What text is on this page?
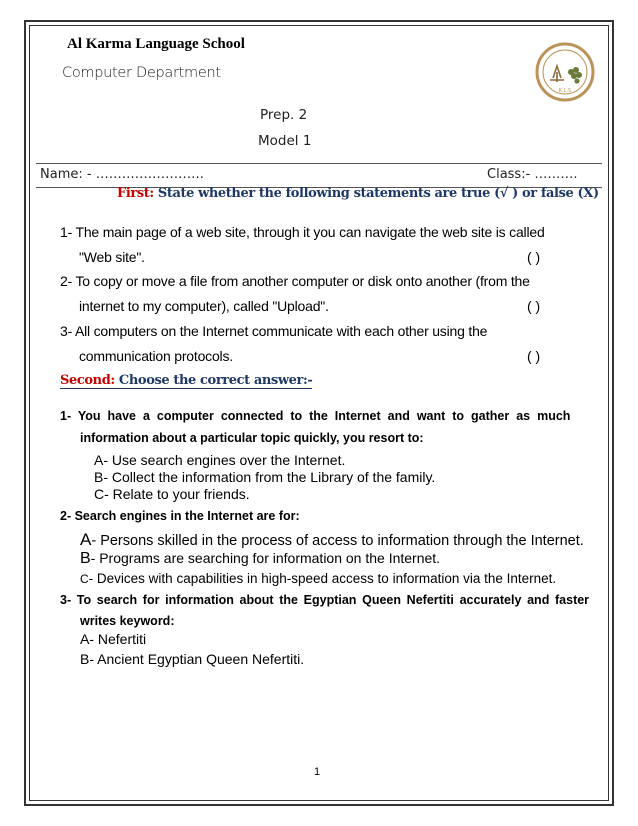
Al Karma Language School
Computer Department
Prep. 2
Model 1
K.L.S
Name: - …………………….	Class:- ……….
First: State whether the following statements are true (√ ) or false (X)
1- The main page of a web site, through it you can navigate the web site is called
"Web site".	( )
2- To copy or move a file from another computer or disk onto another (from the
internet to my computer), called "Upload".	( )
3- All computers on the Internet communicate with each other using the
communication protocols.	( )
Second: Choose the correct answer:-
1- You have a computer connected to the Internet and want to gather as much
information about a particular topic quickly, you resort to:
A- Use search engines over the Internet.
B- Collect the information from the Library of the family.
C- Relate to your friends.
2- Search engines in the Internet are for:
A- Persons skilled in the process of access to information through the Internet.
B- Programs are searching for information on the Internet.
C- Devices with capabilities in high-speed access to information via the Internet.
3- To search for information about the Egyptian Queen Nefertiti accurately and faster
writes keyword:
A- Nefertiti
B- Ancient Egyptian Queen Nefertiti.
1
